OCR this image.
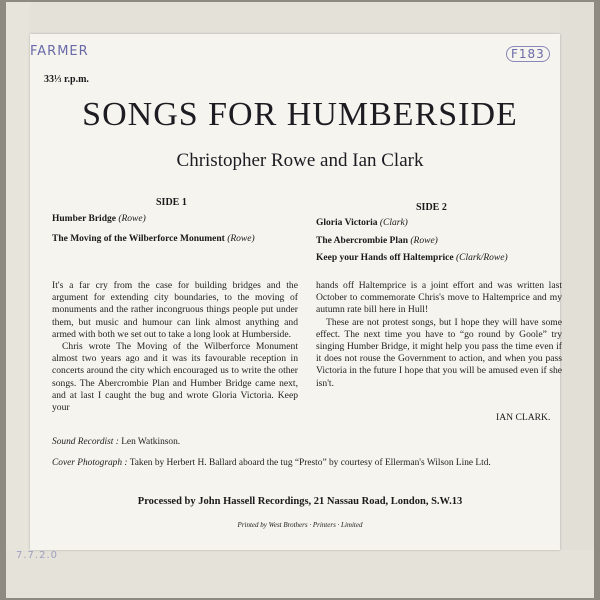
FARMER	F183
7.7.2.0
33⅓ r.p.m.
SONGS FOR HUMBERSIDE
Christopher Rowe and Ian Clark
SIDE 1	SIDE 2
Humber Bridge (Rowe)
The Moving of the Wilberforce Monument (Rowe)
Gloria Victoria (Clark)
The Abercrombie Plan (Rowe)
Keep your Hands off Haltemprice (Clark/Rowe)

It's a far cry from the case for building bridges and the argument for extending city boundaries, to the moving of monuments and the rather incongruous things people put under them, but music and humour can link almost anything and armed with both we set out to take a long look at Humberside.

Chris wrote The Moving of the Wilberforce Monument almost two years ago and it was its favourable reception in concerts around the city which encouraged us to write the other songs. The Abercrombie Plan and Humber Bridge came next, and at last I caught the bug and wrote Gloria Victoria. Keep your

hands off Haltemprice is a joint effort and was written last October to commemorate Chris's move to Haltemprice and my autumn rate bill here in Hull!

These are not protest songs, but I hope they will have some effect. The next time you have to “go round by Goole” try singing Humber Bridge, it might help you pass the time even if it does not rouse the Government to action, and when you pass Victoria in the future I hope that you will be amused even if she isn't.

IAN CLARK.
Sound Recordist : Len Watkinson.
Cover Photograph : Taken by Herbert H. Ballard aboard the tug “Presto” by courtesy of Ellerman's Wilson Line Ltd.
Processed by John Hassell Recordings, 21 Nassau Road, London, S.W.13
Printed by West Brothers · Printers · Limited
